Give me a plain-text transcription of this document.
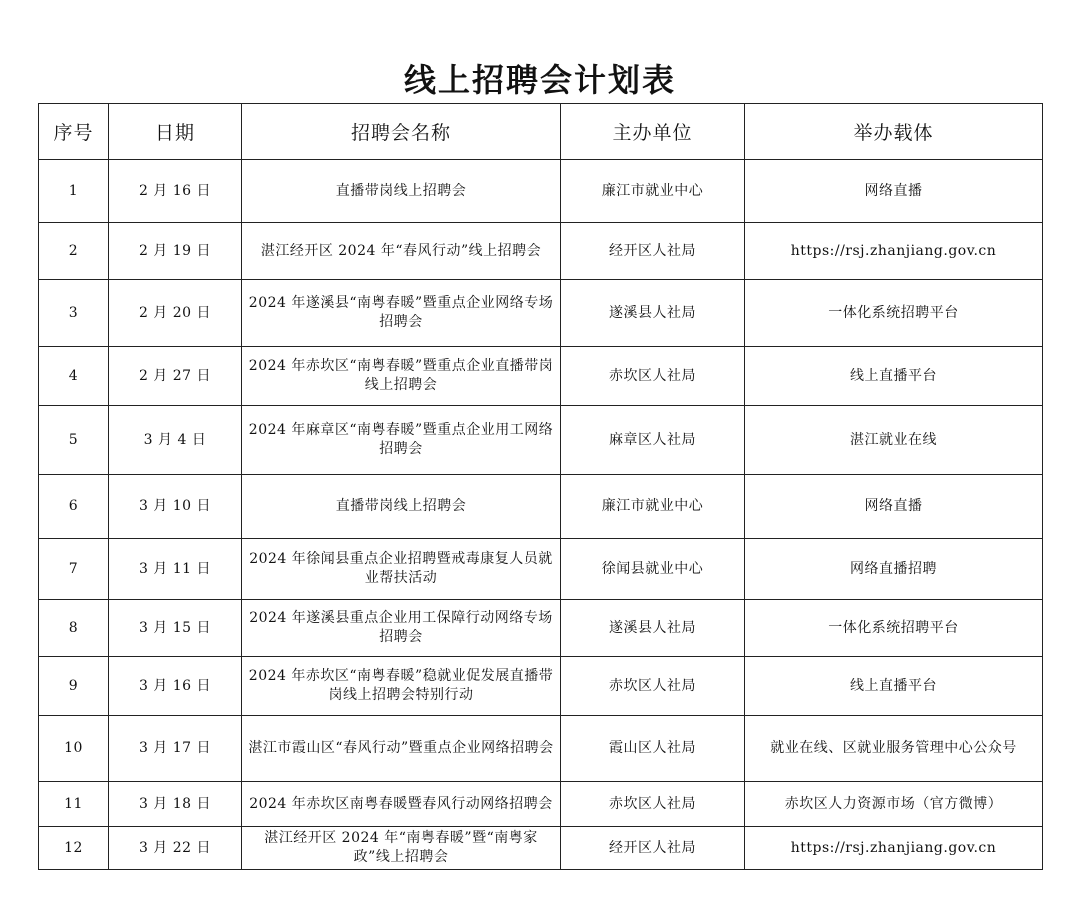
线上招聘会计划表
序号	日期	招聘会名称	主办单位	举办载体
1	2 月 16 日	直播带岗线上招聘会	廉江市就业中心	网络直播
2	2 月 19 日	湛江经开区 2024 年“春风行动”线上招聘会	经开区人社局	https://rsj.zhanjiang.gov.cn
3	2 月 20 日	2024 年遂溪县“南粤春暖”暨重点企业网络专场招聘会	遂溪县人社局	一体化系统招聘平台
4	2 月 27 日	2024 年赤坎区“南粤春暖”暨重点企业直播带岗线上招聘会	赤坎区人社局	线上直播平台
5	3 月 4 日	2024 年麻章区“南粤春暖”暨重点企业用工网络招聘会	麻章区人社局	湛江就业在线
6	3 月 10 日	直播带岗线上招聘会	廉江市就业中心	网络直播
7	3 月 11 日	2024 年徐闻县重点企业招聘暨戒毒康复人员就业帮扶活动	徐闻县就业中心	网络直播招聘
8	3 月 15 日	2024 年遂溪县重点企业用工保障行动网络专场招聘会	遂溪县人社局	一体化系统招聘平台
9	3 月 16 日	2024 年赤坎区“南粤春暖”稳就业促发展直播带岗线上招聘会特别行动	赤坎区人社局	线上直播平台
10	3 月 17 日	湛江市霞山区“春风行动”暨重点企业网络招聘会	霞山区人社局	就业在线、区就业服务管理中心公众号
11	3 月 18 日	2024 年赤坎区南粤春暖暨春风行动网络招聘会	赤坎区人社局	赤坎区人力资源市场（官方微博）
12	3 月 22 日	湛江经开区 2024 年“南粤春暖”暨“南粤家政”线上招聘会	经开区人社局	https://rsj.zhanjiang.gov.cn
